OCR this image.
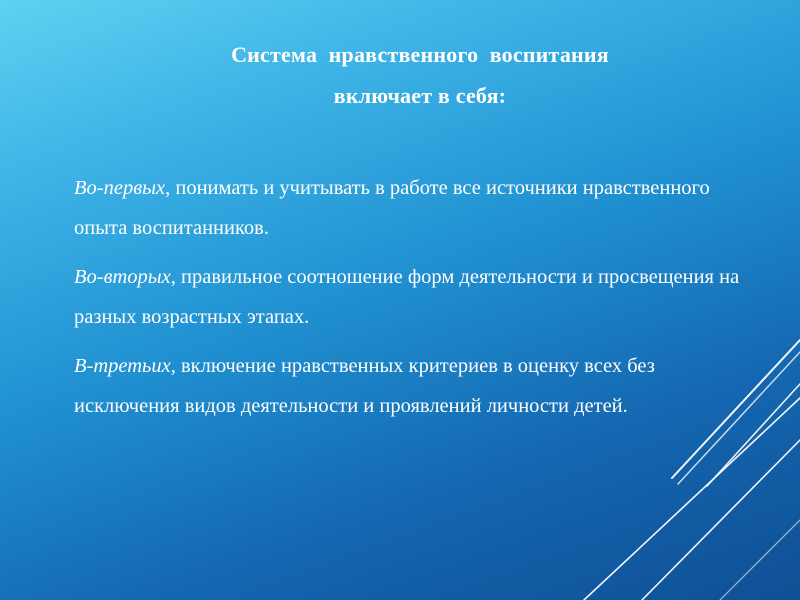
Система  нравственного  воспитания
включает в себя:

Во-первых, понимать и учитывать в работе все источники нравственного опыта воспитанников.

Во-вторых, правильное соотношение форм деятельности и просвещения на разных возрастных этапах.

В-третьих, включение нравственных критериев в оценку всех без исключения видов деятельности и проявлений личности детей.
